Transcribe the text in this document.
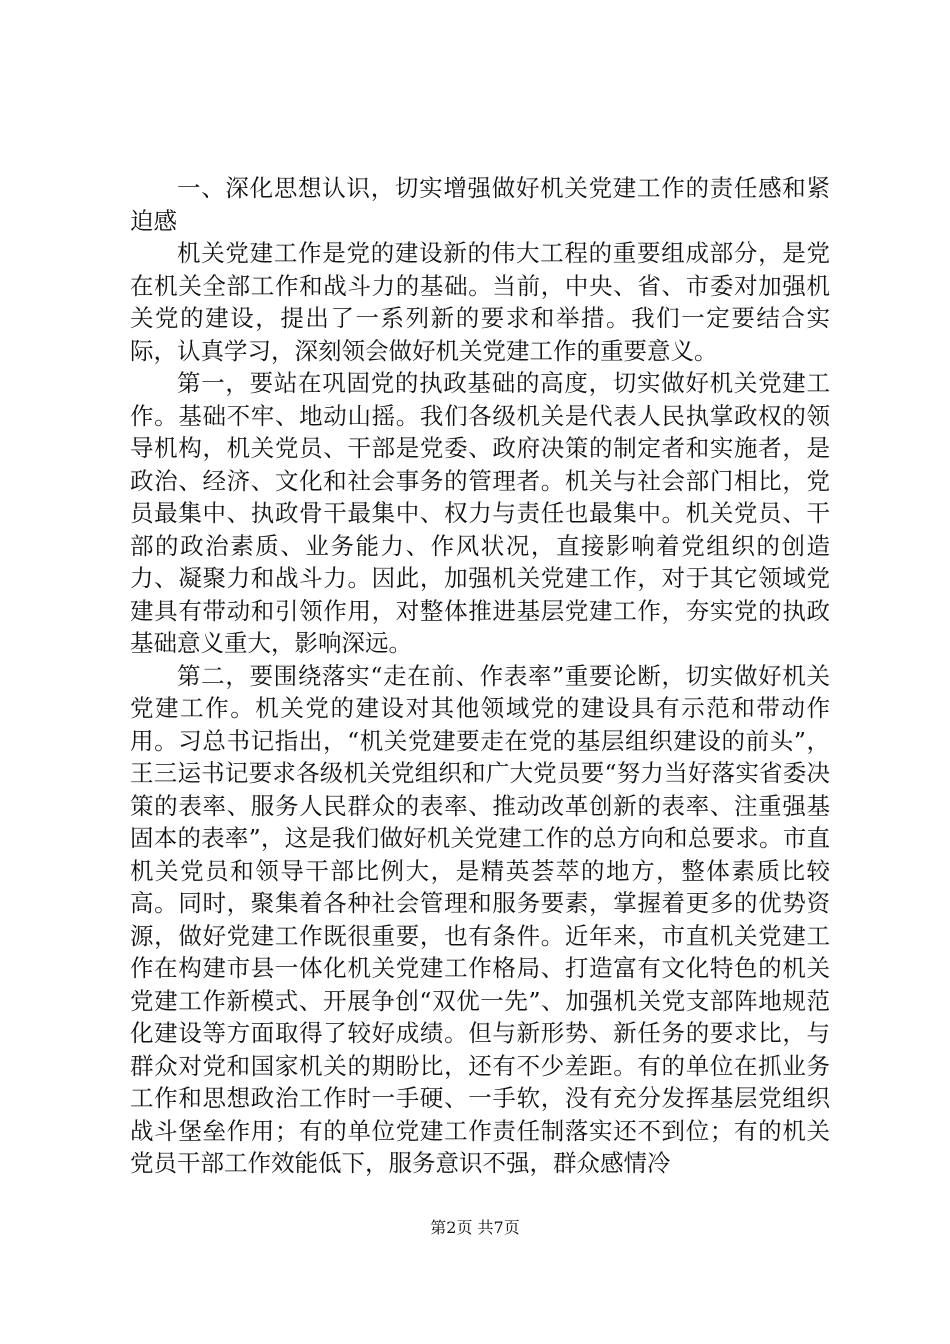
一、深化思想认识，切实增强做好机关党建工作的责任感和紧迫感

机关党建工作是党的建设新的伟大工程的重要组成部分，是党在机关全部工作和战斗力的基础。当前，中央、省、市委对加强机关党的建设，提出了一系列新的要求和举措。我们一定要结合实际，认真学习，深刻领会做好机关党建工作的重要意义。

第一，要站在巩固党的执政基础的高度，切实做好机关党建工作。基础不牢、地动山摇。我们各级机关是代表人民执掌政权的领导机构，机关党员、干部是党委、政府决策的制定者和实施者，是政治、经济、文化和社会事务的管理者。机关与社会部门相比，党员最集中、执政骨干最集中、权力与责任也最集中。机关党员、干部的政治素质、业务能力、作风状况，直接影响着党组织的创造力、凝聚力和战斗力。因此，加强机关党建工作，对于其它领域党建具有带动和引领作用，对整体推进基层党建工作，夯实党的执政基础意义重大，影响深远。

第二，要围绕落实“走在前、作表率”重要论断，切实做好机关党建工作。机关党的建设对其他领域党的建设具有示范和带动作用。习总书记指出，“机关党建要走在党的基层组织建设的前头”，王三运书记要求各级机关党组织和广大党员要“努力当好落实省委决策的表率、服务人民群众的表率、推动改革创新的表率、注重强基固本的表率”，这是我们做好机关党建工作的总方向和总要求。市直机关党员和领导干部比例大，是精英荟萃的地方，整体素质比较高。同时，聚集着各种社会管理和服务要素，掌握着更多的优势资源，做好党建工作既很重要，也有条件。近年来，市直机关党建工作在构建市县一体化机关党建工作格局、打造富有文化特色的机关党建工作新模式、开展争创“双优一先”、加强机关党支部阵地规范化建设等方面取得了较好成绩。但与新形势、新任务的要求比，与群众对党和国家机关的期盼比，还有不少差距。有的单位在抓业务工作和思想政治工作时一手硬、一手软，没有充分发挥基层党组织战斗堡垒作用；有的单位党建工作责任制落实还不到位；有的机关党员干部工作效能低下，服务意识不强，群众感情冷

第2页 共7页
